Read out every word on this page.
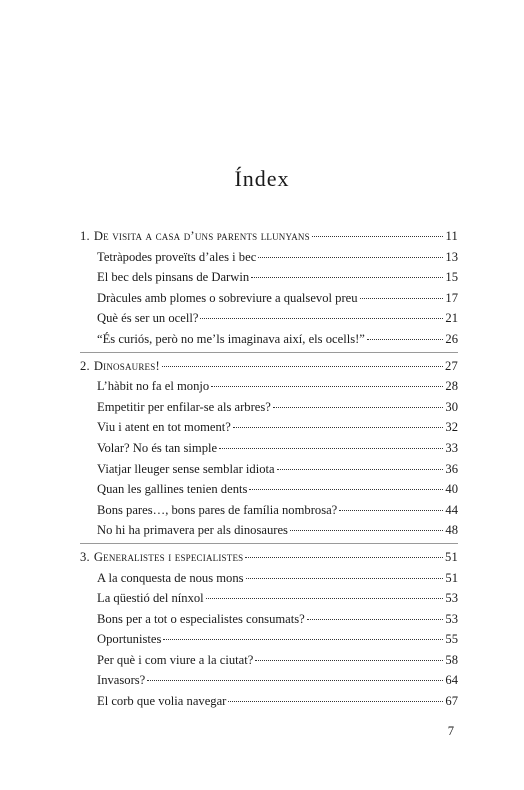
Índex
1. De visita a casa d’uns parents llunyans	11
Tetràpodes proveïts d’ales i bec	13
El bec dels pinsans de Darwin	15
Dràcules amb plomes o sobreviure a qualsevol preu	17
Què és ser un ocell?	21
“És curiós, però no me’ls imaginava així, els ocells!”	26
2. Dinosaures!	27
L’hàbit no fa el monjo	28
Empetitir per enfilar-se als arbres?	30
Viu i atent en tot moment?	32
Volar? No és tan simple	33
Viatjar lleuger sense semblar idiota	36
Quan les gallines tenien dents	40
Bons pares…, bons pares de família nombrosa?	44
No hi ha primavera per als dinosaures	48
3. Generalistes i especialistes	51
A la conquesta de nous mons	51
La qüestió del nínxol	53
Bons per a tot o especialistes consumats?	53
Oportunistes	55
Per què i com viure a la ciutat?	58
Invasors?	64
El corb que volia navegar	67
7
